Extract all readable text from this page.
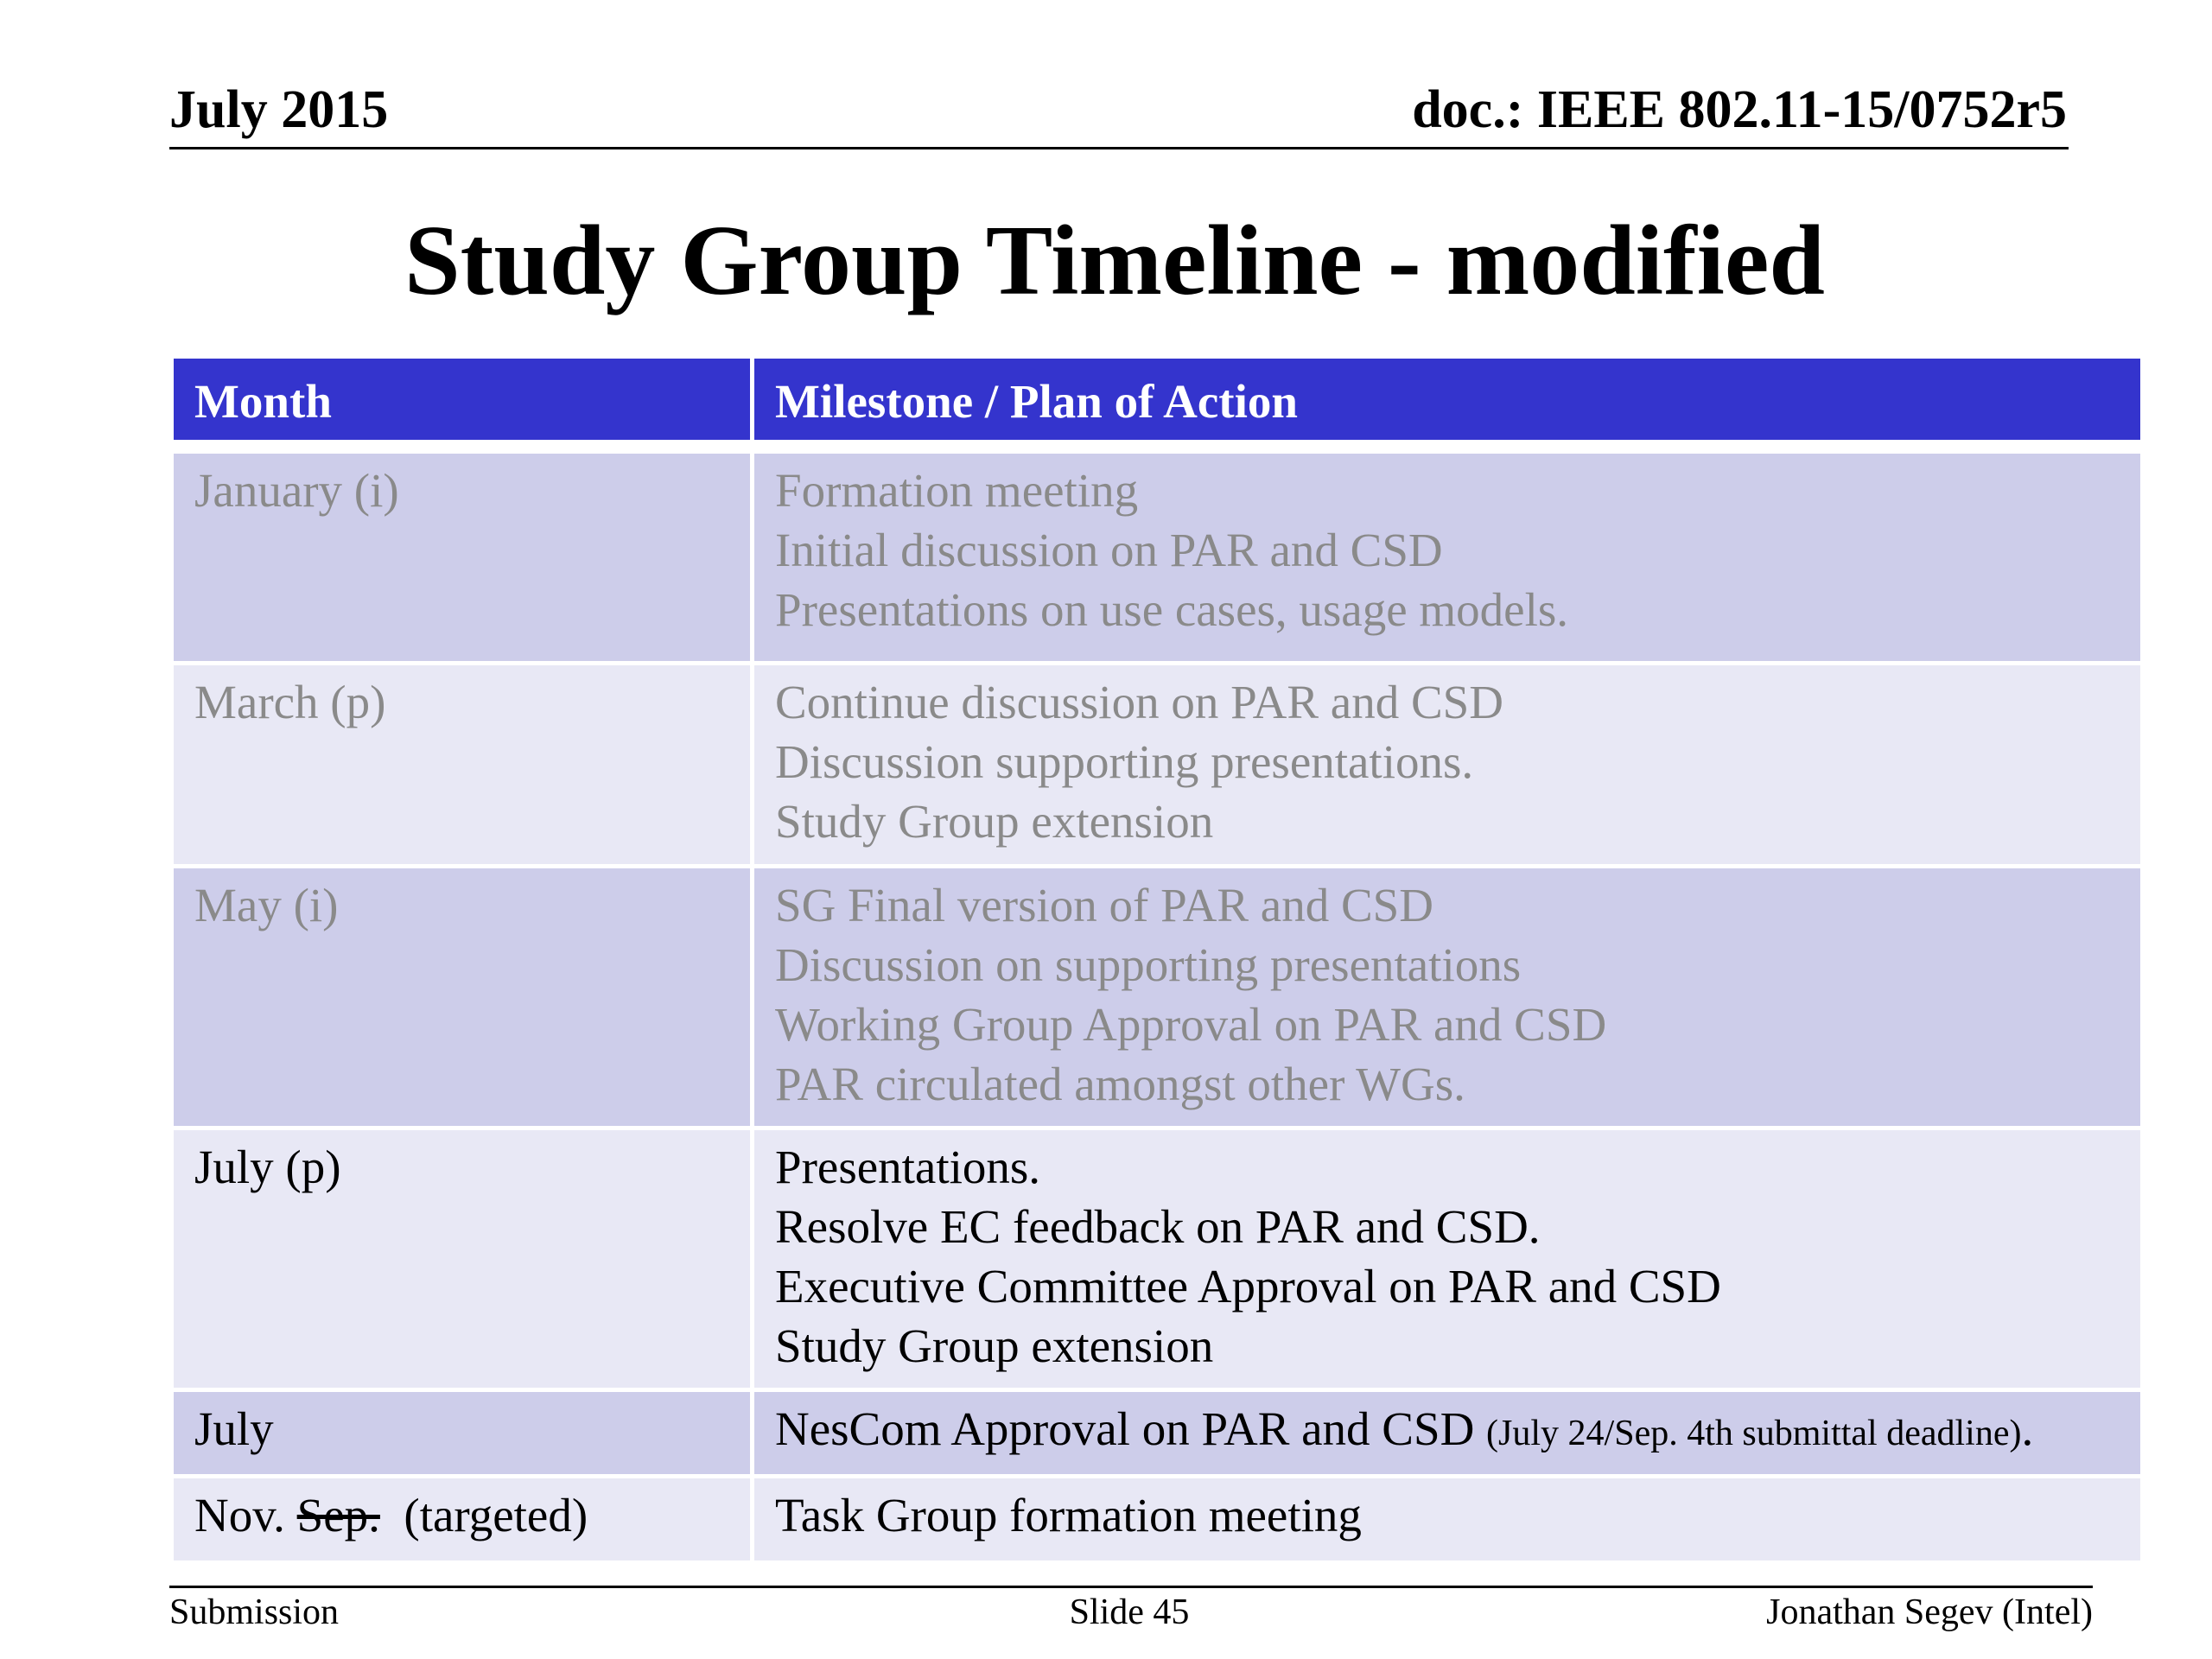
July 2015	doc.: IEEE 802.11-15/0752r5
Study Group Timeline - modified
Month	Milestone / Plan of Action
January (i)	Formation meeting
Initial discussion on PAR and CSD
Presentations on use cases, usage models.

March (p)	Continue discussion on PAR and CSD
Discussion supporting presentations.
Study Group extension

May (i)	SG Final version of PAR and CSD
Discussion on supporting presentations
Working Group Approval on PAR and CSD
PAR circulated amongst other WGs.

July (p)	Presentations.
Resolve EC feedback on PAR and CSD.
Executive Committee Approval on PAR and CSD
Study Group extension

July	NesCom Approval on PAR and CSD (July 24/Sep. 4th submittal deadline).
Nov. Sep.  (targeted)	Task Group formation meeting
Submission	Slide 45	Jonathan Segev (Intel)
